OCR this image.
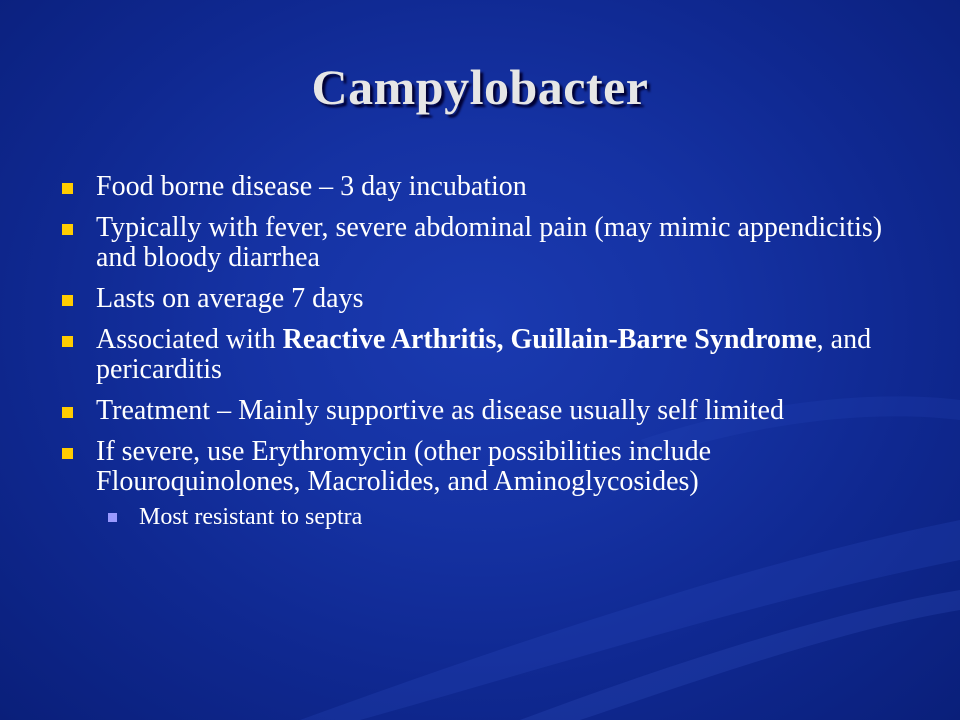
Campylobacter
Food borne disease – 3 day incubation
Typically with fever, severe abdominal pain (may mimic appendicitis) and bloody diarrhea
Lasts on average 7 days
Associated with Reactive Arthritis, Guillain-Barre Syndrome, and pericarditis
Treatment – Mainly supportive as disease usually self limited
If severe, use Erythromycin (other possibilities include Flouroquinolones, Macrolides, and Aminoglycosides)
Most resistant to septra
